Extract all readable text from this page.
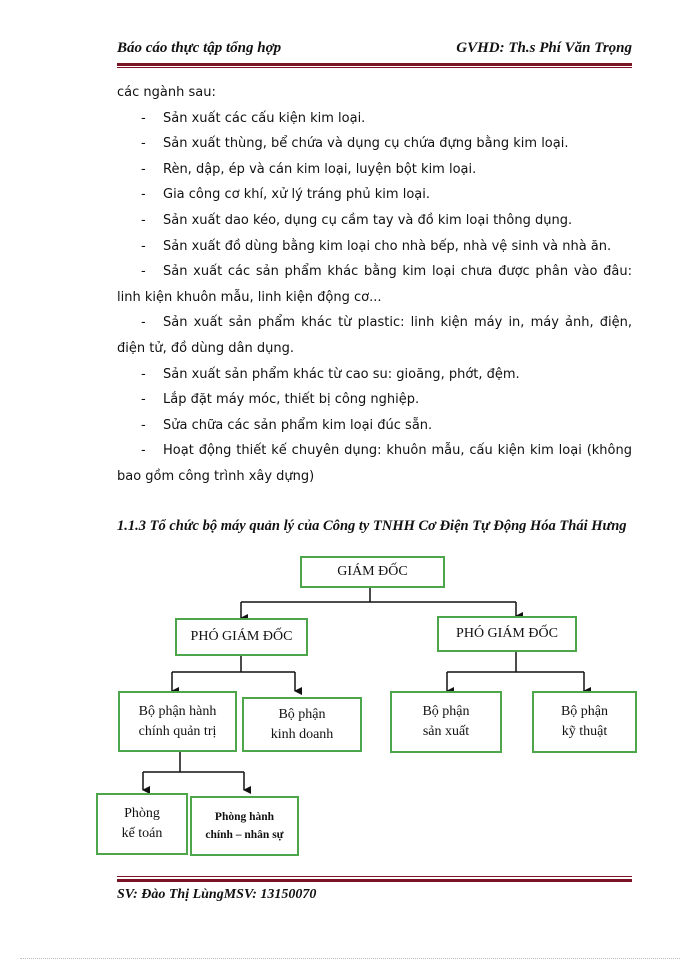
Báo cáo thực tập tổng hợp	GVHD: Th.s Phí Văn Trọng

các ngành sau:

- Sản xuất các cấu kiện kim loại.

- Sản xuất thùng, bể chứa và dụng cụ chứa đựng bằng kim loại.

- Rèn, dập, ép và cán kim loại, luyện bột kim loại.

- Gia công cơ khí, xử lý tráng phủ kim loại.

- Sản xuất dao kéo, dụng cụ cầm tay và đồ kim loại thông dụng.

- Sản xuất đồ dùng bằng kim loại cho nhà bếp, nhà vệ sinh và nhà ăn.

- Sản xuất các sản phẩm khác bằng kim loại chưa được phân vào đâu: linh kiện khuôn mẫu, linh kiện động cơ...

- Sản xuất sản phẩm khác từ plastic: linh kiện máy in, máy ảnh, điện, điện tử, đồ dùng dân dụng.

- Sản xuất sản phẩm khác từ cao su: gioăng, phớt, đệm.

- Lắp đặt máy móc, thiết bị công nghiệp.

- Sửa chữa các sản phẩm kim loại đúc sẵn.

- Hoạt động thiết kế chuyên dụng: khuôn mẫu, cấu kiện kim loại (không bao gồm công trình xây dựng)

1.1.3 Tổ chức bộ máy quản lý của Công ty TNHH Cơ Điện Tự Động Hóa Thái Hưng
GIÁM ĐỐC
PHÓ GIÁM ĐỐC	PHÓ GIÁM ĐỐC
Bộ phận hành
chính quản trị
Bộ phận
kinh doanh
Bộ phận
sản xuất
Bộ phận
kỹ thuật
Phòng
kế toán
Phòng hành
chính – nhân sự
SV: Đào Thị LùngMSV: 13150070
